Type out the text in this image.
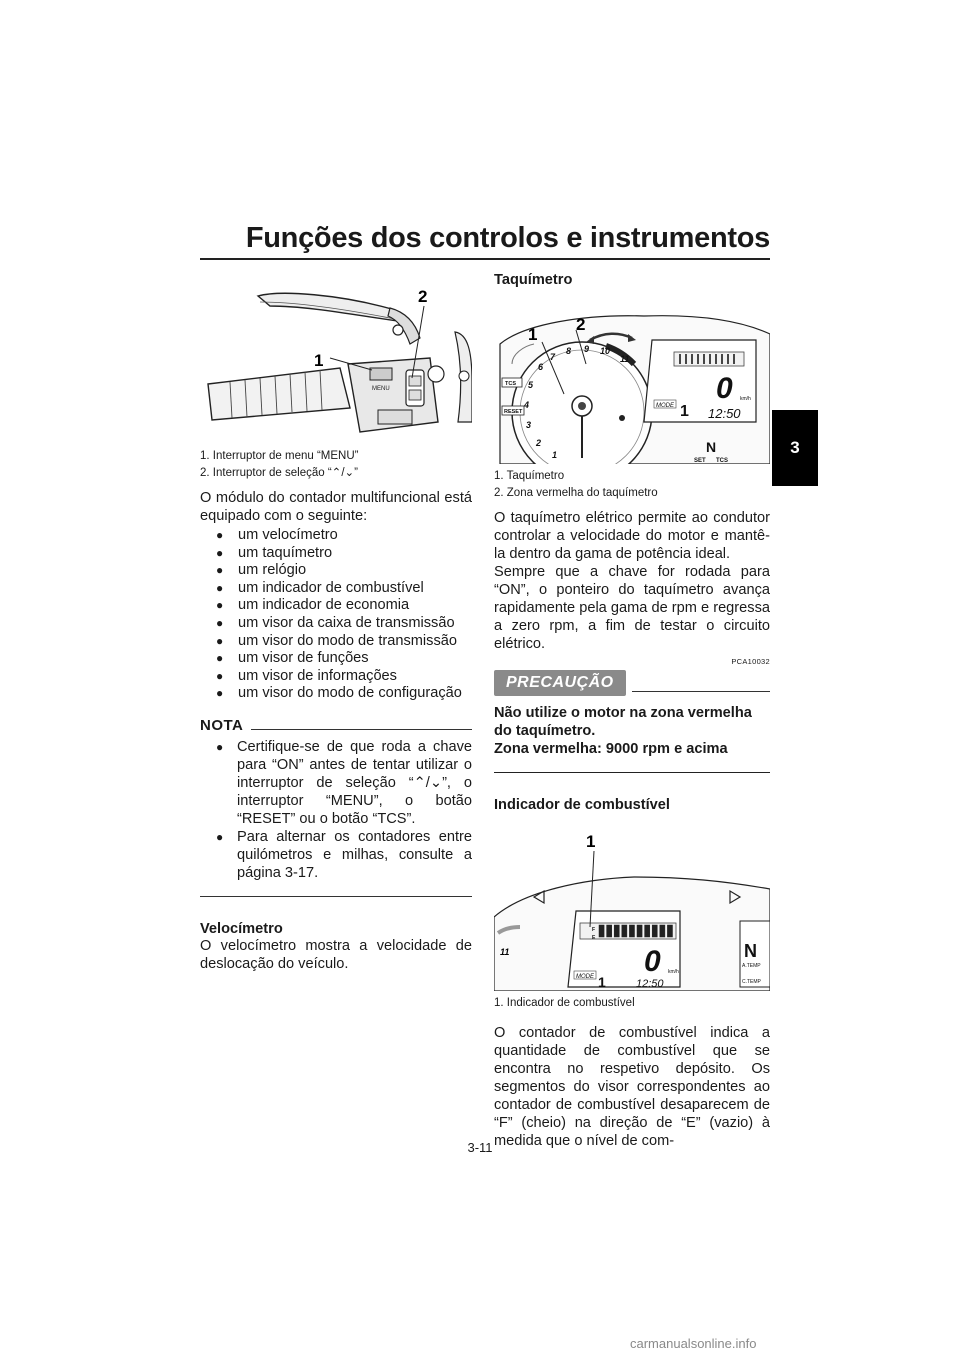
Funções dos controlos e instrumentos
3
MENU
1
2
1. Interruptor de menu “MENU”
2. Interruptor de seleção “⌃/⌄”

O módulo do contador multifuncional está equipado com o seguinte:

● um velocímetro
● um taquímetro
● um relógio
● um indicador de combustível
● um indicador de economia
● um visor da caixa de transmissão
● um visor do modo de transmissão
● um visor de funções
● um visor de informações
● um visor do modo de configuração
NOTA
● Certifique-se de que roda a chave para “ON” antes de tentar utilizar o interruptor de seleção “⌃/⌄”, o interruptor “MENU”, o botão “RESET” ou o botão “TCS”.
● Para alternar os contadores entre quilómetros e milhas, consulte a página 3-17.
Velocímetro

O velocímetro mostra a velocidade de deslocação do veículo.

Taquímetro
1
2
3
4
5
6
7
8 9 10
11
TCS
RESET
0 km/h
MODE 1 12:50
N
SET TCS
1
2
1. Taquímetro
2. Zona vermelha do taquímetro

O taquímetro elétrico permite ao condutor controlar a velocidade do motor e mantê-la dentro da gama de potência ideal.

Sempre que a chave for rodada para “ON”, o ponteiro do taquímetro avança rapidamente pela gama de rpm e regressa a zero rpm, a fim de testar o circuito elétrico.

PCA10032
PRECAUÇÃO
Não utilize o motor na zona vermelha do taquímetro.
Zona vermelha: 9000 rpm e acima
Indicador de combustível
11
F
E
0 km/h
MODE 1	12:50
N
A.TEMP
C.TEMP
1
1. Indicador de combustível

O contador de combustível indica a quantidade de combustível que se encontra no respetivo depósito. Os segmentos do visor correspondentes ao contador de combustível desaparecem de “F” (cheio) na direção de “E” (vazio) à medida que o nível de com-

3-11
carmanualsonline.info
